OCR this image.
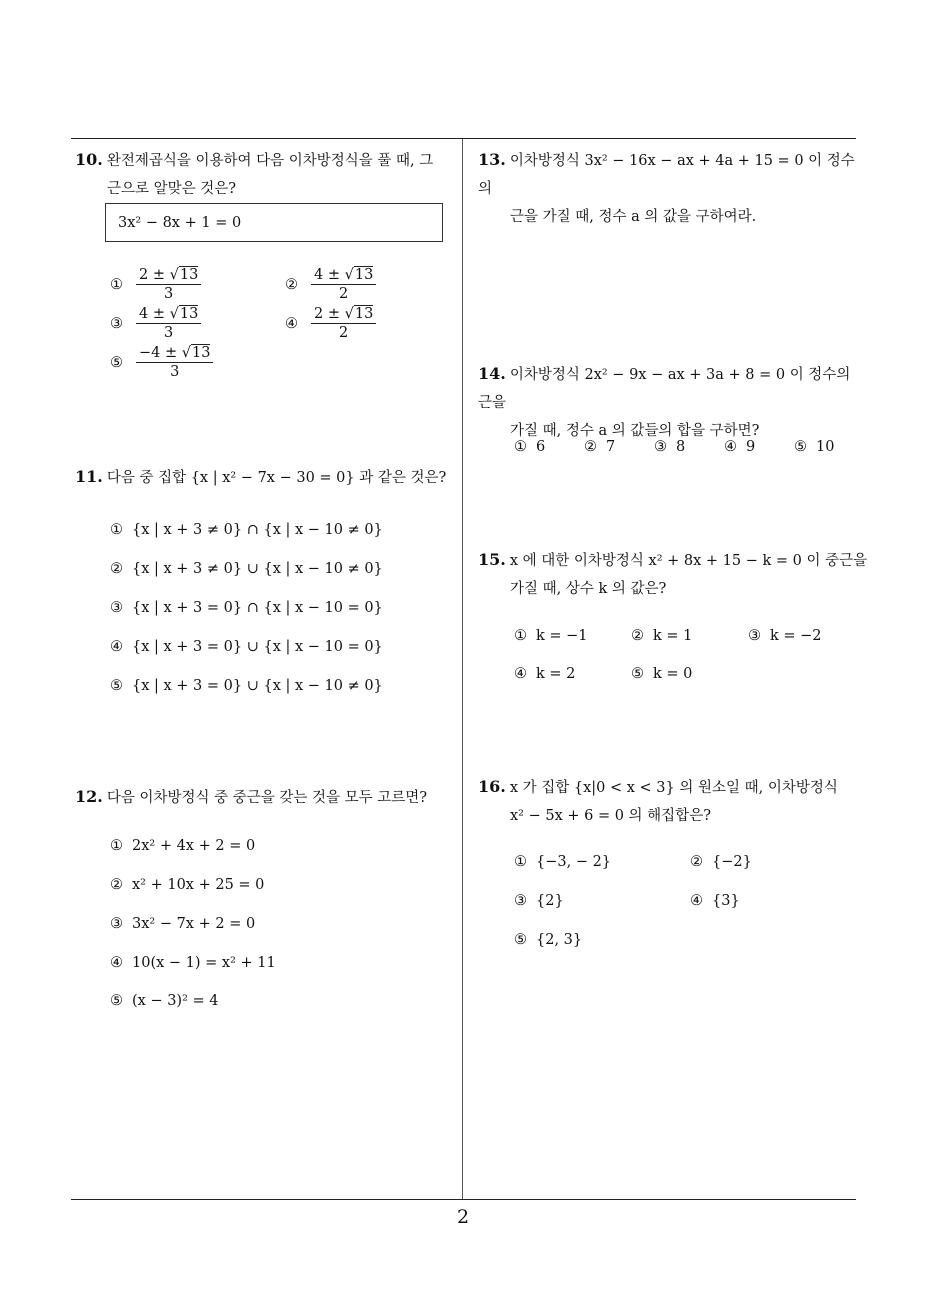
10. 완전제곱식을 이용하여 다음 이차방정식을 풀 때, 그
근으로 알맞은 것은?
3x² − 8x + 1 = 0
① $\frac{2 \pm √13}{3}$	② $\frac{4 \pm √13}{2}$
③ $\frac{4 \pm √13}{3}$	④ $\frac{2 \pm √13}{2}$
⑤ $\frac{-4 \pm √13}{3}$
11. 다음 중 집합 {x | x² − 7x − 30 = 0} 과 같은 것은?
① {x | x + 3 ≠ 0} ∩ {x | x − 10 ≠ 0}
② {x | x + 3 ≠ 0} ∪ {x | x − 10 ≠ 0}
③ {x | x + 3 = 0} ∩ {x | x − 10 = 0}
④ {x | x + 3 = 0} ∪ {x | x − 10 = 0}
⑤ {x | x + 3 = 0} ∪ {x | x − 10 ≠ 0}
12. 다음 이차방정식 중 중근을 갖는 것을 모두 고르면?
① 2x² + 4x + 2 = 0
② x² + 10x + 25 = 0
③ 3x² − 7x + 2 = 0
④ 10(x − 1) = x² + 11
⑤ (x − 3)² = 4
13. 이차방정식 3x² − 16x − ax + 4a + 15 = 0 이 정수의
근을 가질 때, 정수 a 의 값을 구하여라.
14. 이차방정식 2x² − 9x − ax + 3a + 8 = 0 이 정수의 근을
가질 때, 정수 a 의 값들의 합을 구하면?
① 6	② 7	③ 8	④ 9	⑤ 10
15. x 에 대한 이차방정식 x² + 8x + 15 − k = 0 이 중근을
가질 때, 상수 k 의 값은?
① k = −1	② k = 1	③ k = −2
④ k = 2	⑤ k = 0
16. x 가 집합 {x|0 < x < 3} 의 원소일 때, 이차방정식
x² − 5x + 6 = 0 의 해집합은?
① {−3, − 2}	② {−2}
③ {2}	④ {3}
⑤ {2, 3}
2
